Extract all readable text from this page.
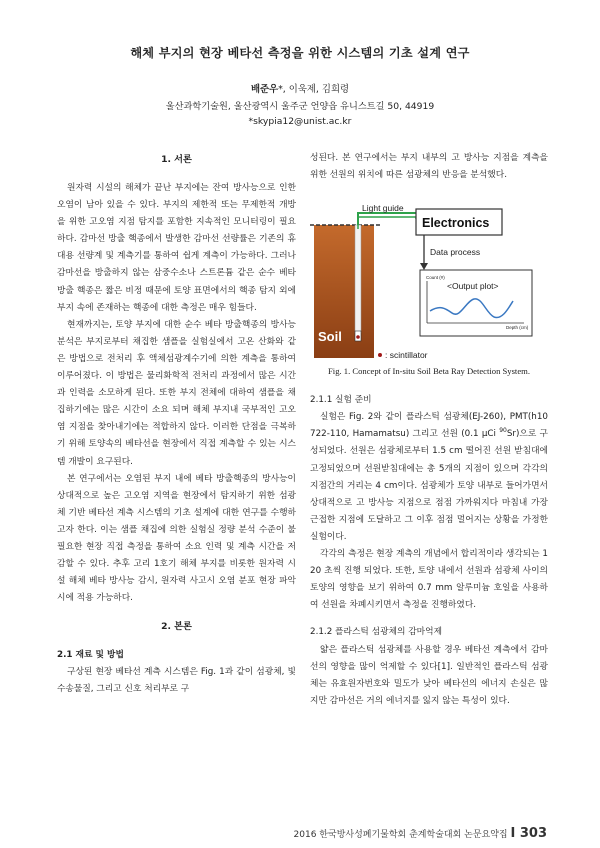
해체 부지의 현장 베타선 측정을 위한 시스템의 기초 설계 연구
배준우*, 이욱제, 김희령
울산과학기술원, 울산광역시 울주군 언양읍 유니스트길 50, 44919
*skypia12@unist.ac.kr
1. 서론

원자력 시설의 해체가 끝난 부지에는 잔여 방사능으로 인한 오염이 남아 있을 수 있다. 부지의 제한적 또는 무제한적 개방을 위한 고오염 지점 탐지를 포함한 지속적인 모니터링이 필요하다. 감마선 방출 핵종에서 발생한 감마선 선량률은 기존의 휴대용 선량계 및 계측기를 통하여 쉽게 계측이 가능하다. 그러나 감마선을 방출하지 않는 삼중수소나 스트론튬 같은 순수 베타방출 핵종은 짧은 비정 때문에 토양 표면에서의 핵종 탐지 외에 부지 속에 존재하는 핵종에 대한 측정은 매우 힘들다.

현재까지는, 토양 부지에 대한 순수 베타 방출핵종의 방사능 분석은 부지로부터 채집한 샘플을 실험실에서 고온 산화와 같은 방법으로 전처리 후 액체섬광계수기에 의한 계측을 통하여 이루어졌다. 이 방법은 물리화학적 전처리 과정에서 많은 시간과 인력을 소모하게 된다. 또한 부지 전체에 대하여 샘플을 채집하기에는 많은 시간이 소요 되며 해체 부지내 국부적인 고오염 지점을 찾아내기에는 적합하지 않다. 이러한 단점을 극복하기 위해 토양속의 베타선을 현장에서 직접 계측할 수 있는 시스템 개발이 요구된다.

본 연구에서는 오염된 부지 내에 베타 방출핵종의 방사능이 상대적으로 높은 고오염 지역을 현장에서 탐지하기 위한 섬광체 기반 베타선 계측 시스템의 기초 설계에 대한 연구를 수행하고자 한다. 이는 샘플 채집에 의한 실험실 정량 분석 수준이 불필요한 현장 직접 측정을 통하여 소요 인력 및 계측 시간을 저감할 수 있다. 추후 고리 1호기 해체 부지를 비롯한 원자력 시설 해체 베타 방사능 감시, 원자력 사고시 오염 분포 현장 파악시에 적용 가능하다.

2. 본론
2.1 재료 및 방법

구상된 현장 베타선 계측 시스템은 Fig. 1과 같이 섬광체, 빛 수송물질, 그리고 신호 처리부로 구

성된다. 본 연구에서는 부지 내부의 고 방사능 지점을 계측을 위한 선원의 위치에 따른 섬광체의 반응을 분석했다.

Soil
: scintillator
Light guide
Electronics
Data process
Count (#)
<Output plot>
Depth (cm)
Fig. 1. Concept of In-situ Soil Beta Ray Detection System.
2.1.1 실험 준비

실험은 Fig. 2와 같이 플라스틱 섬광체(EJ-260), PMT(h10722-110, Hamamatsu) 그리고 선원 (0.1 μCi $^{90}$Sr)으로 구성되었다. 선원은 섬광체로부터 1.5 cm 떨어진 선원 받침대에 고정되었으며 선원받침대에는 총 5개의 지점이 있으며 각각의 지점간의 거리는 4 cm이다. 섬광체가 토양 내부로 들어가면서 상대적으로 고 방사능 지점으로 점점 가까워지다 마침내 가장 근접한 지점에 도달하고 그 이후 점점 멀어지는 상황을 가정한 실험이다.

각각의 측정은 현장 계측의 개념에서 합리적이라 생각되는 120 초씩 진행 되었다. 또한, 토양 내에서 선원과 섬광체 사이의 토양의 영향을 보기 위하여 0.7 mm 알루미늄 호일을 사용하여 선원을 차폐시키면서 측정을 진행하였다.

2.1.2 플라스틱 섬광체의 감마억제

얇은 플라스틱 섬광체를 사용할 경우 베타선 계측에서 감마선의 영향을 많이 억제할 수 있다[1]. 일반적인 플라스틱 섬광체는 유효원자번호와 밀도가 낮아 베타선의 에너지 손실은 많지만 감마선은 거의 에너지를 잃지 않는 특성이 있다.

2016 한국방사성폐기물학회 춘계학술대회 논문요약집 I 303
